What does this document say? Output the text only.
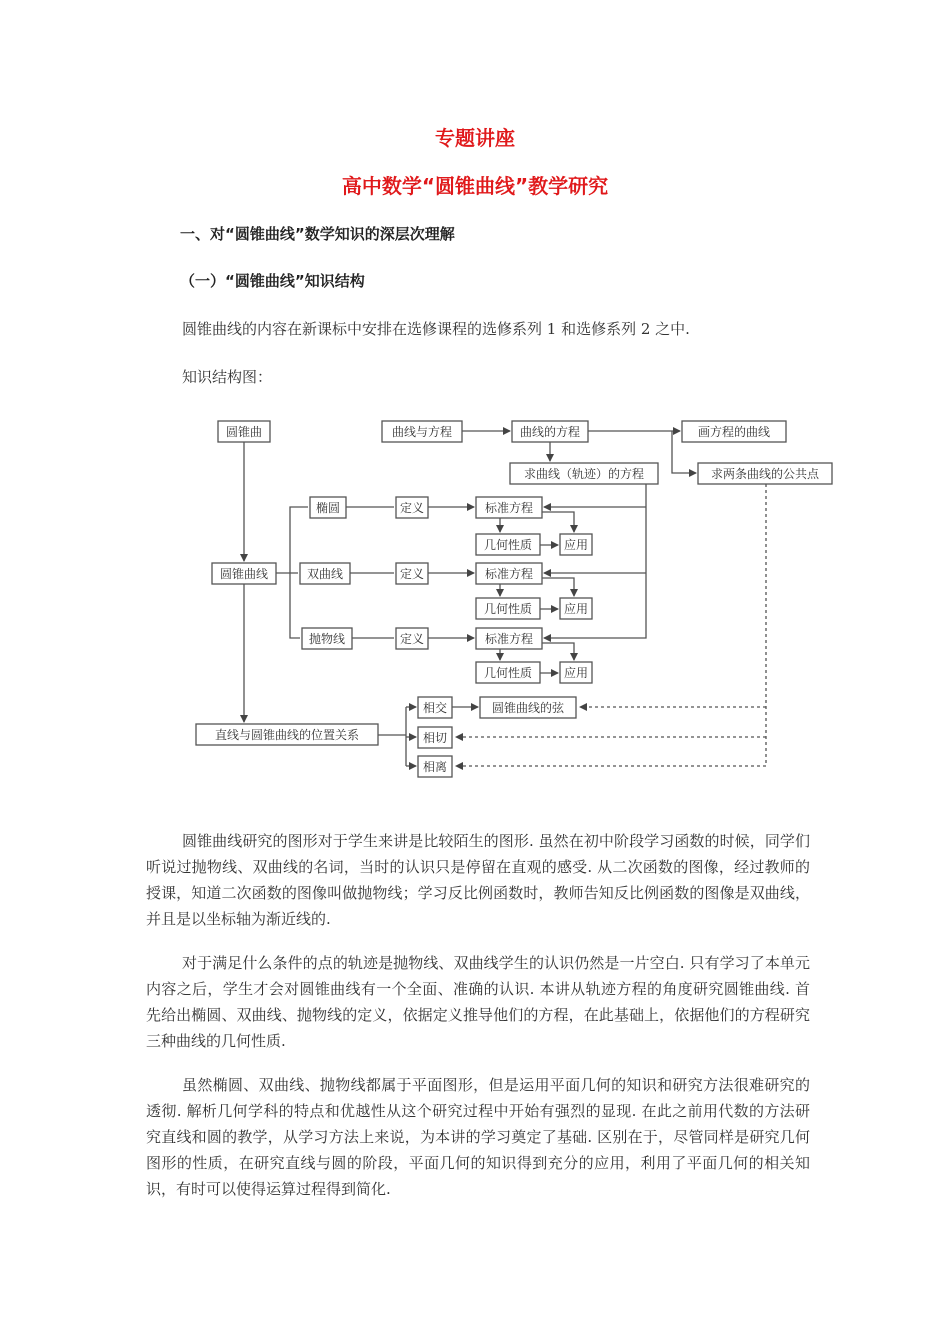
专题讲座
高中数学“圆锥曲线”教学研究
一、对“圆锥曲线”数学知识的深层次理解
（一）“圆锥曲线”知识结构
圆锥曲线的内容在新课标中安排在选修课程的选修系列 1 和选修系列 2 之中.
知识结构图：
圆锥曲	曲线与方程	曲线的方程	画方程的曲线
求曲线（轨迹）的方程	求两条曲线的公共点
圆锥曲线
椭圆
双曲线
抛物线
定义
定义
定义
标准方程
标准方程
标准方程
几何性质
几何性质
几何性质
应用
应用
应用
直线与圆锥曲线的位置关系
相交
相切
相离
圆锥曲线的弦
圆锥曲线研究的图形对于学生来讲是比较陌生的图形. 虽然在初中阶段学习函数的时候，同学们听说过抛物线、双曲线的名词，当时的认识只是停留在直观的感受. 从二次函数的图像，经过教师的授课，知道二次函数的图像叫做抛物线；学习反比例函数时，教师告知反比例函数的图像是双曲线，并且是以坐标轴为渐近线的.
对于满足什么条件的点的轨迹是抛物线、双曲线学生的认识仍然是一片空白. 只有学习了本单元内容之后，学生才会对圆锥曲线有一个全面、准确的认识. 本讲从轨迹方程的角度研究圆锥曲线. 首先给出椭圆、双曲线、抛物线的定义，依据定义推导他们的方程，在此基础上，依据他们的方程研究三种曲线的几何性质.
虽然椭圆、双曲线、抛物线都属于平面图形，但是运用平面几何的知识和研究方法很难研究的透彻. 解析几何学科的特点和优越性从这个研究过程中开始有强烈的显现. 在此之前用代数的方法研究直线和圆的教学，从学习方法上来说，为本讲的学习奠定了基础. 区别在于，尽管同样是研究几何图形的性质，在研究直线与圆的阶段，平面几何的知识得到充分的应用，利用了平面几何的相关知识，有时可以使得运算过程得到简化.
